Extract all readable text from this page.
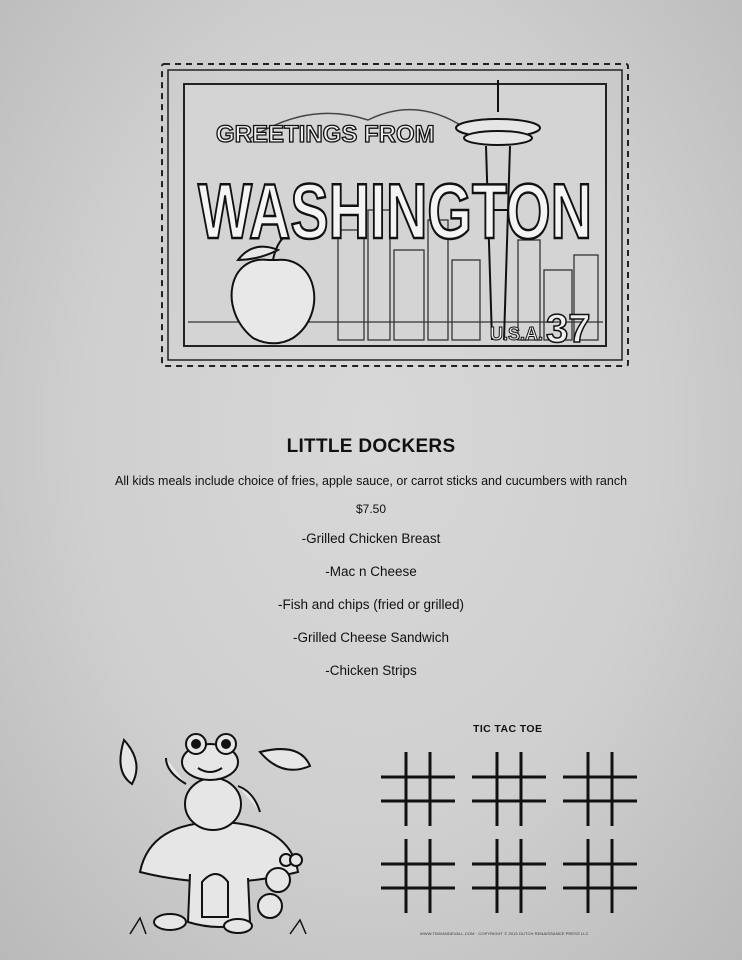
GREETINGS FROM
WASHINGTON
U.S.A. 37
LITTLE DOCKERS
All kids meals include choice of fries, apple sauce, or carrot sticks and cucumbers with ranch
$7.50
-Grilled Chicken Breast
-Mac n Cheese
-Fish and chips (fried or grilled)
-Grilled Cheese Sandwich
-Chicken Strips
TIC TAC TOE
WWW.TIMVANDEVALL.COM · COPYRIGHT © 2013 DUTCH RENAISSANCE PRESS LLC
